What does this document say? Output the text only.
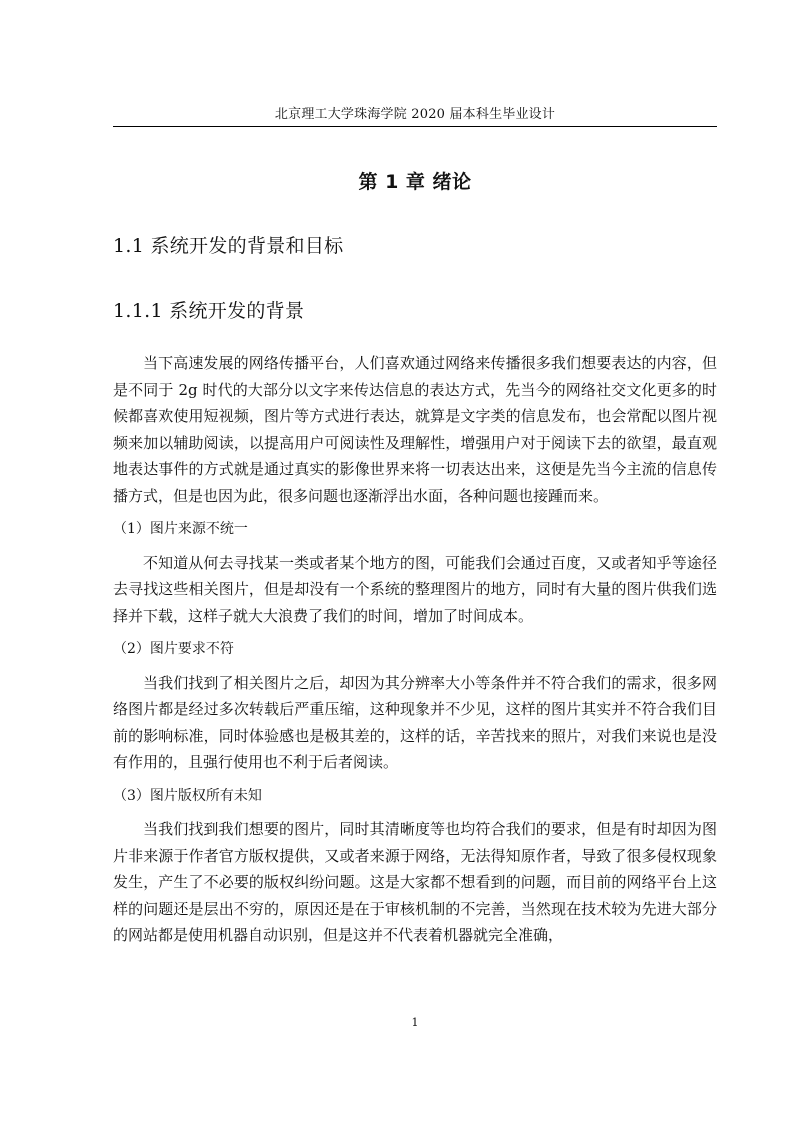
北京理工大学珠海学院 2020 届本科生毕业设计
第 1 章 绪论
1.1 系统开发的背景和目标
1.1.1 系统开发的背景

当下高速发展的网络传播平台，人们喜欢通过网络来传播很多我们想要表达的内容，但是不同于 2g 时代的大部分以文字来传达信息的表达方式，先当今的网络社交文化更多的时候都喜欢使用短视频，图片等方式进行表达，就算是文字类的信息发布，也会常配以图片视频来加以辅助阅读，以提高用户可阅读性及理解性，增强用户对于阅读下去的欲望，最直观地表达事件的方式就是通过真实的影像世界来将一切表达出来，这便是先当今主流的信息传播方式，但是也因为此，很多问题也逐渐浮出水面，各种问题也接踵而来。

（1）图片来源不统一

不知道从何去寻找某一类或者某个地方的图，可能我们会通过百度，又或者知乎等途径去寻找这些相关图片，但是却没有一个系统的整理图片的地方，同时有大量的图片供我们选择并下载，这样子就大大浪费了我们的时间，增加了时间成本。

（2）图片要求不符

当我们找到了相关图片之后，却因为其分辨率大小等条件并不符合我们的需求，很多网络图片都是经过多次转载后严重压缩，这种现象并不少见，这样的图片其实并不符合我们目前的影响标准，同时体验感也是极其差的，这样的话，辛苦找来的照片，对我们来说也是没有作用的，且强行使用也不利于后者阅读。

（3）图片版权所有未知

当我们找到我们想要的图片，同时其清晰度等也均符合我们的要求，但是有时却因为图片非来源于作者官方版权提供，又或者来源于网络，无法得知原作者，导致了很多侵权现象发生，产生了不必要的版权纠纷问题。这是大家都不想看到的问题，而目前的网络平台上这样的问题还是层出不穷的，原因还是在于审核机制的不完善，当然现在技术较为先进大部分的网站都是使用机器自动识别，但是这并不代表着机器就完全准确，

1
